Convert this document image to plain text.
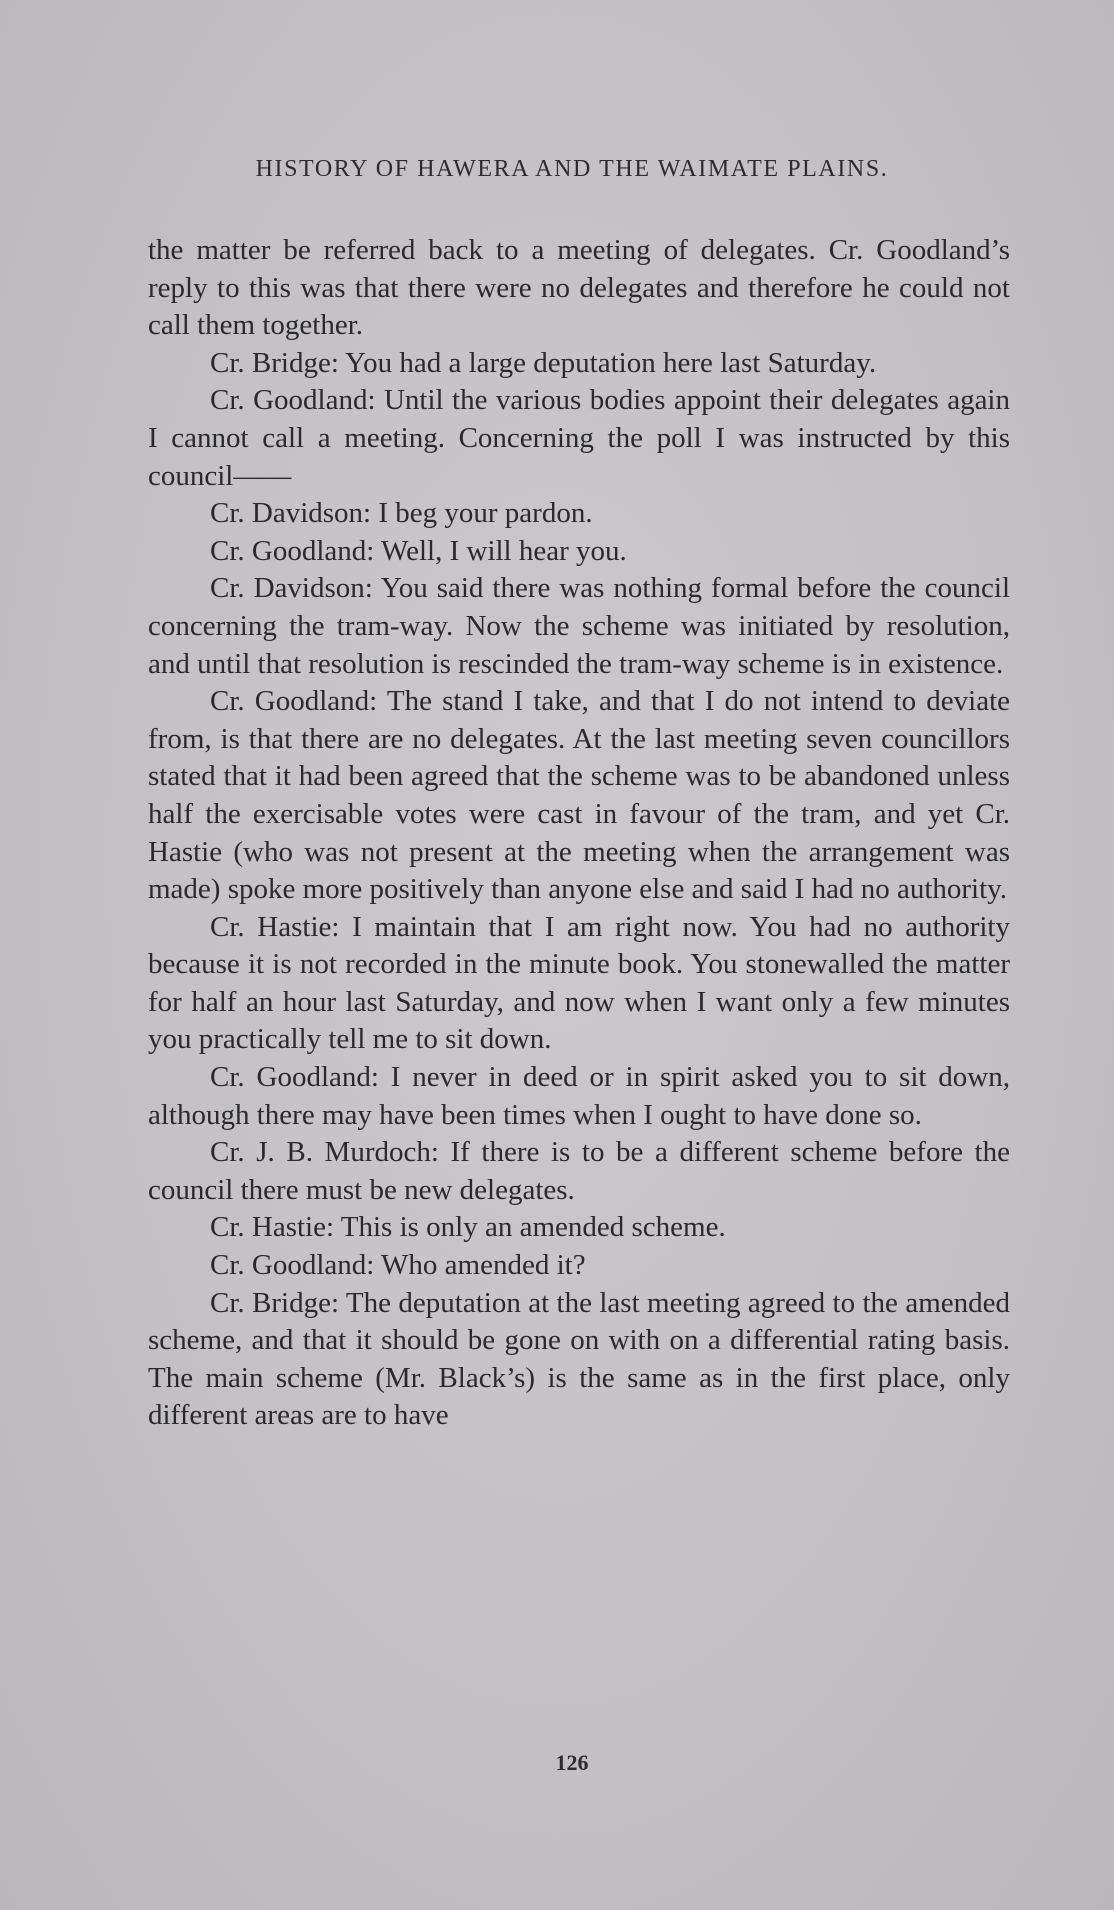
HISTORY OF HAWERA AND THE WAIMATE PLAINS.

the matter be referred back to a meeting of delegates. Cr. Goodland’s reply to this was that there were no delegates and therefore he could not call them together.

Cr. Bridge: You had a large deputation here last Saturday.

Cr. Goodland: Until the various bodies appoint their delegates again I cannot call a meeting. Concerning the poll I was instructed by this council——

Cr. Davidson: I beg your pardon.

Cr. Goodland: Well, I will hear you.

Cr. Davidson: You said there was nothing formal before the council concerning the tram-way. Now the scheme was initiated by resolution, and until that resolution is rescinded the tram-way scheme is in existence.

Cr. Goodland: The stand I take, and that I do not intend to deviate from, is that there are no delegates. At the last meeting seven councillors stated that it had been agreed that the scheme was to be abandoned unless half the exercisable votes were cast in favour of the tram, and yet Cr. Hastie (who was not present at the meeting when the arrangement was made) spoke more positively than anyone else and said I had no authority.

Cr. Hastie: I maintain that I am right now. You had no authority because it is not recorded in the minute book. You stonewalled the matter for half an hour last Saturday, and now when I want only a few minutes you practically tell me to sit down.

Cr. Goodland: I never in deed or in spirit asked you to sit down, although there may have been times when I ought to have done so.

Cr. J. B. Murdoch: If there is to be a different scheme before the council there must be new delegates.

Cr. Hastie: This is only an amended scheme.

Cr. Goodland: Who amended it?

Cr. Bridge: The deputation at the last meeting agreed to the amended scheme, and that it should be gone on with on a differential rating basis. The main scheme (Mr. Black’s) is the same as in the first place, only different areas are to have

126
